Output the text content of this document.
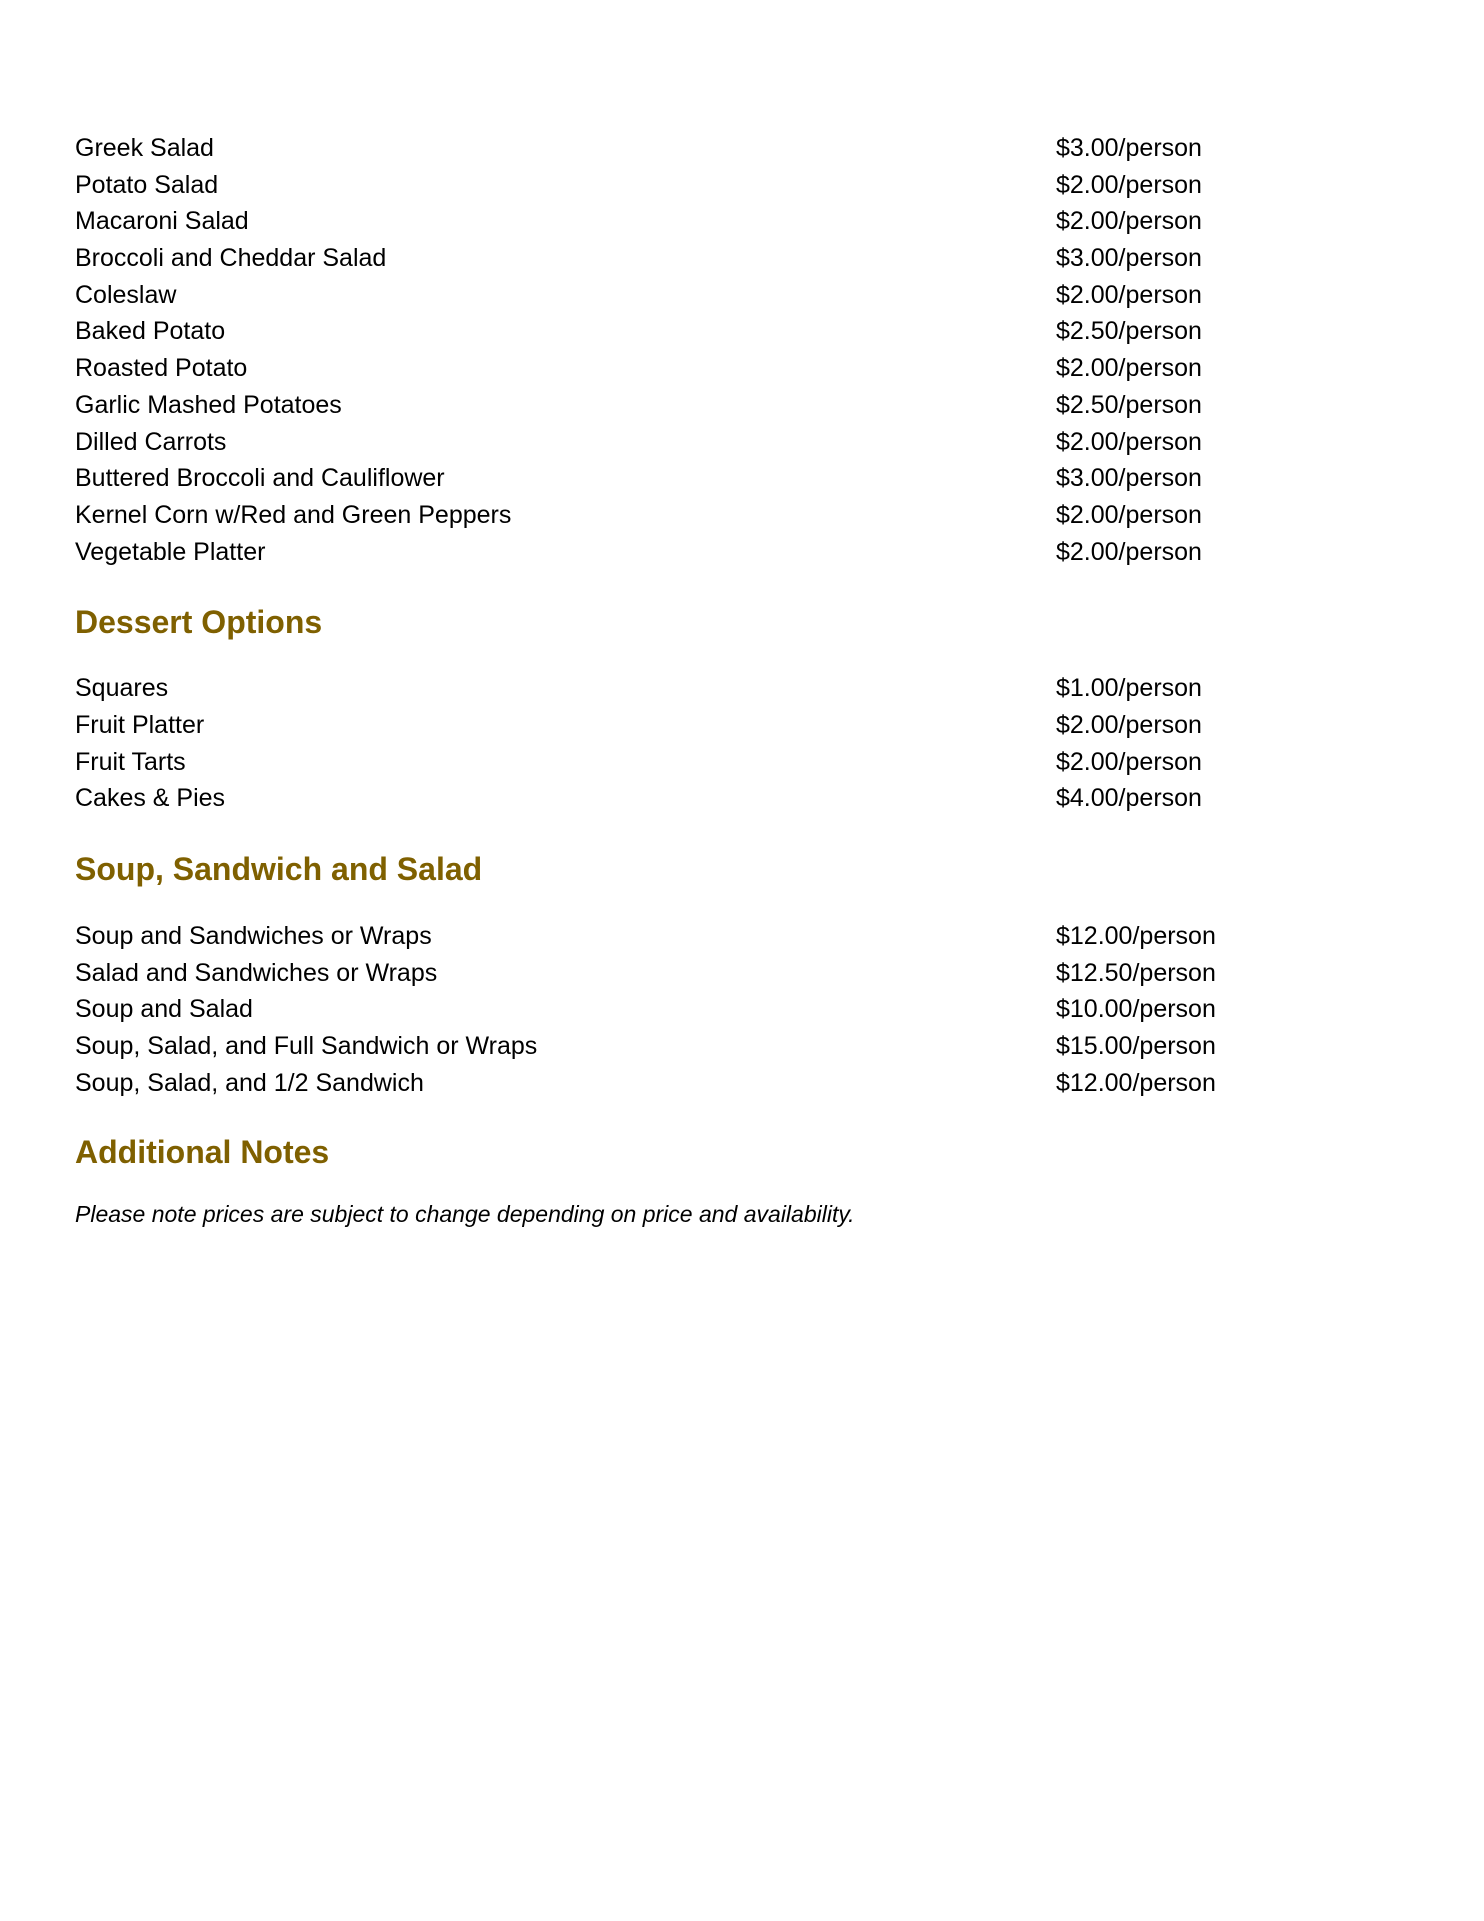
Greek Salad	$3.00/person
Potato Salad	$2.00/person
Macaroni Salad	$2.00/person
Broccoli and Cheddar Salad	$3.00/person
Coleslaw	$2.00/person
Baked Potato	$2.50/person
Roasted Potato	$2.00/person
Garlic Mashed Potatoes	$2.50/person
Dilled Carrots	$2.00/person
Buttered Broccoli and Cauliflower	$3.00/person
Kernel Corn w/Red and Green Peppers	$2.00/person
Vegetable Platter	$2.00/person
Dessert Options
Squares	$1.00/person
Fruit Platter	$2.00/person
Fruit Tarts	$2.00/person
Cakes & Pies	$4.00/person
Soup, Sandwich and Salad
Soup and Sandwiches or Wraps	$12.00/person
Salad and Sandwiches or Wraps	$12.50/person
Soup and Salad	$10.00/person
Soup, Salad, and Full Sandwich or Wraps	$15.00/person
Soup, Salad, and 1/2 Sandwich	$12.00/person
Additional Notes
Please note prices are subject to change depending on price and availability.
